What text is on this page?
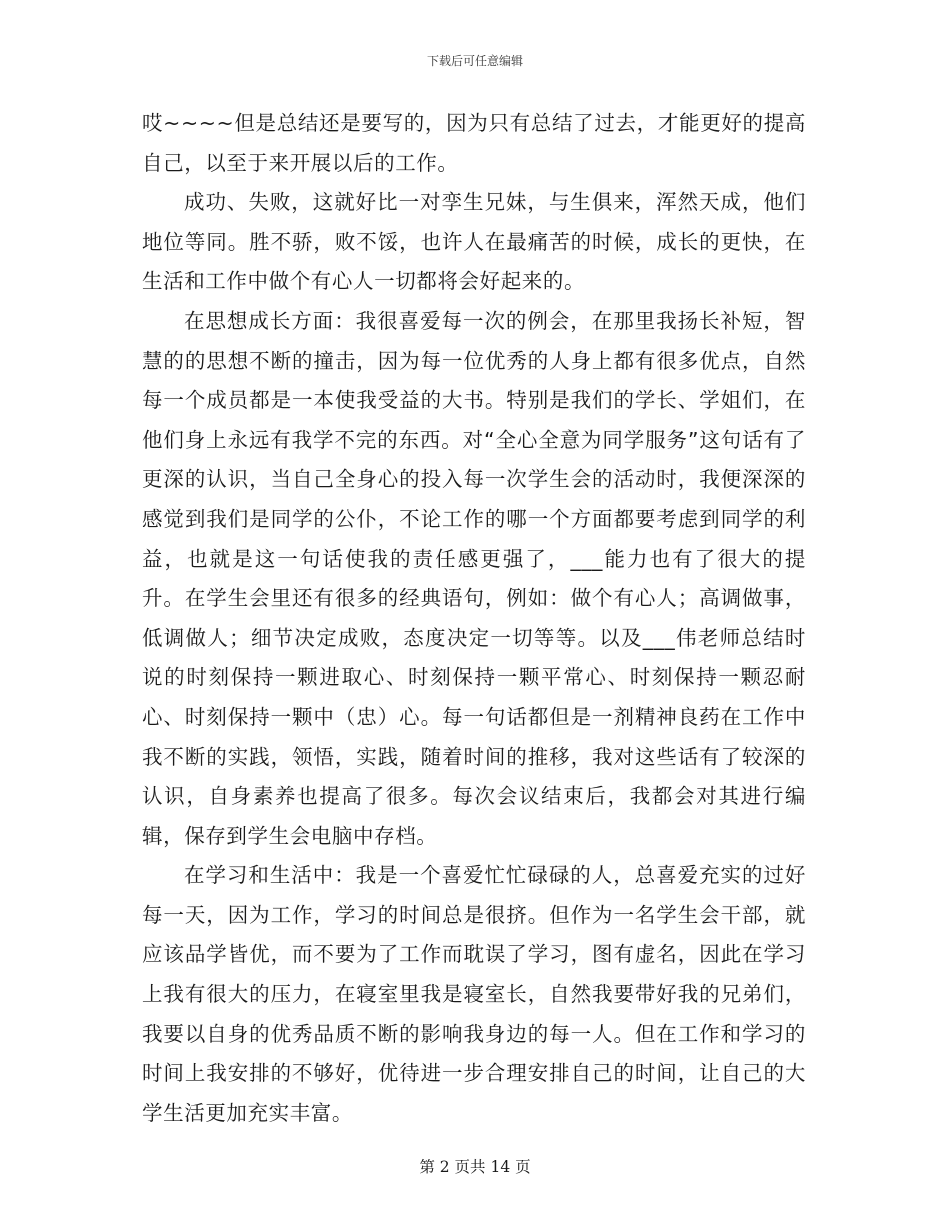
下载后可任意编辑

哎~~~~但是总结还是要写的，因为只有总结了过去，才能更好的提高自己，以至于来开展以后的工作。

成功、失败，这就好比一对孪生兄妹，与生俱来，浑然天成，他们地位等同。胜不骄，败不馁，也许人在最痛苦的时候，成长的更快，在生活和工作中做个有心人一切都将会好起来的。

在思想成长方面：我很喜爱每一次的例会，在那里我扬长补短，智慧的的思想不断的撞击，因为每一位优秀的人身上都有很多优点，自然每一个成员都是一本使我受益的大书。特别是我们的学长、学姐们，在他们身上永远有我学不完的东西。对“全心全意为同学服务”这句话有了更深的认识，当自己全身心的投入每一次学生会的活动时，我便深深的感觉到我们是同学的公仆，不论工作的哪一个方面都要考虑到同学的利益，也就是这一句话使我的责任感更强了，___能力也有了很大的提升。在学生会里还有很多的经典语句，例如：做个有心人；高调做事，低调做人；细节决定成败，态度决定一切等等。以及___伟老师总结时说的时刻保持一颗进取心、时刻保持一颗平常心、时刻保持一颗忍耐心、时刻保持一颗中（忠）心。每一句话都但是一剂精神良药在工作中我不断的实践，领悟，实践，随着时间的推移，我对这些话有了较深的认识，自身素养也提高了很多。每次会议结束后，我都会对其进行编辑，保存到学生会电脑中存档。

在学习和生活中：我是一个喜爱忙忙碌碌的人，总喜爱充实的过好每一天，因为工作，学习的时间总是很挤。但作为一名学生会干部，就应该品学皆优，而不要为了工作而耽误了学习，图有虚名，因此在学习上我有很大的压力，在寝室里我是寝室长，自然我要带好我的兄弟们，我要以自身的优秀品质不断的影响我身边的每一人。但在工作和学习的时间上我安排的不够好，优待进一步合理安排自己的时间，让自己的大学生活更加充实丰富。

第 2 页共 14 页
